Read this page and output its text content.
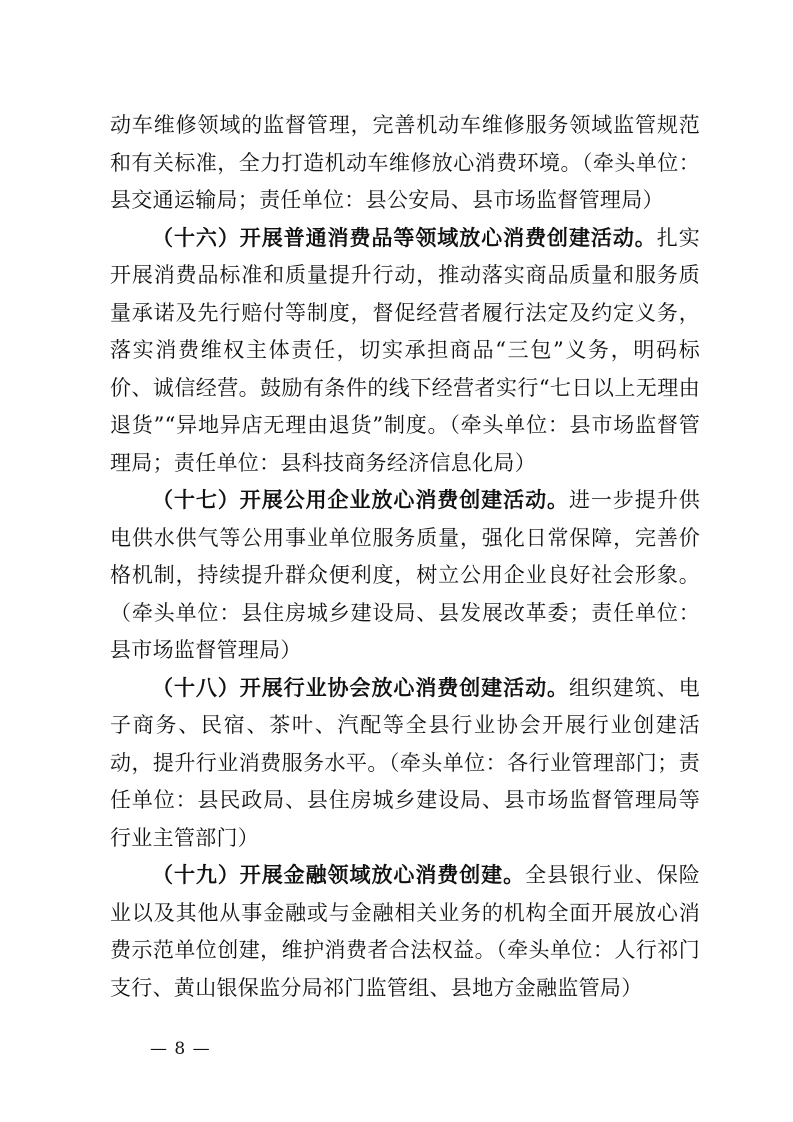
动车维修领域的监督管理，完善机动车维修服务领域监管规范和有关标准，全力打造机动车维修放心消费环境。（牵头单位：县交通运输局；责任单位：县公安局、县市场监督管理局）

（十六）开展普通消费品等领域放心消费创建活动。扎实开展消费品标准和质量提升行动，推动落实商品质量和服务质量承诺及先行赔付等制度，督促经营者履行法定及约定义务，落实消费维权主体责任，切实承担商品“三包”义务，明码标价、诚信经营。鼓励有条件的线下经营者实行“七日以上无理由退货”“异地异店无理由退货”制度。（牵头单位：县市场监督管理局；责任单位：县科技商务经济信息化局）

（十七）开展公用企业放心消费创建活动。进一步提升供电供水供气等公用事业单位服务质量，强化日常保障，完善价格机制，持续提升群众便利度，树立公用企业良好社会形象。（牵头单位：县住房城乡建设局、县发展改革委；责任单位：县市场监督管理局）

（十八）开展行业协会放心消费创建活动。组织建筑、电子商务、民宿、茶叶、汽配等全县行业协会开展行业创建活动，提升行业消费服务水平。（牵头单位：各行业管理部门；责任单位：县民政局、县住房城乡建设局、县市场监督管理局等行业主管部门）

（十九）开展金融领域放心消费创建。全县银行业、保险业以及其他从事金融或与金融相关业务的机构全面开展放心消费示范单位创建，维护消费者合法权益。（牵头单位：人行祁门支行、黄山银保监分局祁门监管组、县地方金融监管局）

— 8 —
